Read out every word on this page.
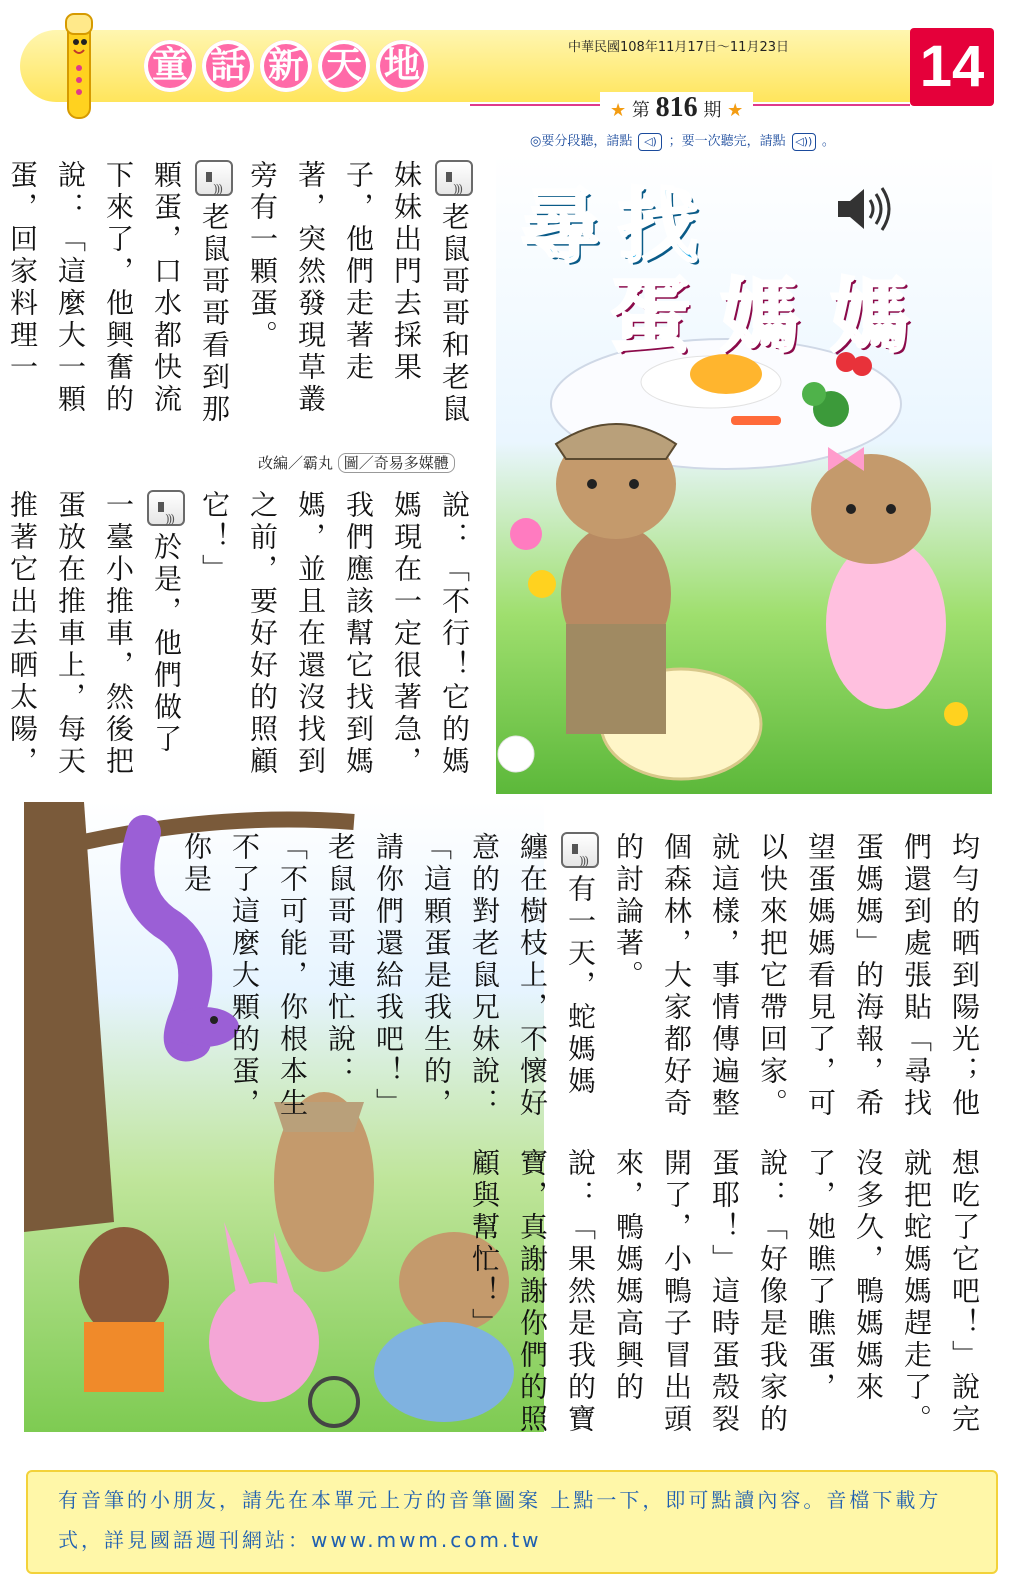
童 話 新 天 地	中華民國108年11月17日～11月23日
★ 第 816 期 ★
14
◎要分段聽，請點 ◁) ；要一次聽完，請點 ◁)) 。
尋找
蛋媽媽
)))老鼠哥哥和老鼠妹妹出門去採果子，他們走著走著，突然發現草叢旁有一顆蛋。
)))老鼠哥哥看到那顆蛋，口水都快流下來了，他興奮的說：「這麼大一顆蛋，回家料理一
改編／霸丸 圖／奇易多媒體
說：「不行！它的媽媽現在一定很著急，我們應該幫它找到媽媽，並且在還沒找到之前，要好好的照顧它！」
)))於是，他們做了一臺小推車，然後把蛋放在推車上，每天推著它出去晒太陽，
均勻的晒到陽光；他們還到處張貼「尋找蛋媽媽」的海報，希望蛋媽媽看見了，可以快來把它帶回家。就這樣，事情傳遍整個森林，大家都好奇的討論著。
)))有一天，蛇媽媽纏在樹枝上，不懷好意的對老鼠兄妹說：「這顆蛋是我生的，請你們還給我吧！」老鼠哥哥連忙說：「不可能，你根本生不了這麼大顆的蛋，你是
想吃了它吧！」說完就把蛇媽媽趕走了。沒多久，鴨媽媽來了，她瞧了瞧蛋，說：「好像是我家的蛋耶！」這時蛋殼裂開了，小鴨子冒出頭來，鴨媽媽高興的說：「果然是我的寶寶，真謝謝你們的照顧與幫忙！」
有音筆的小朋友，請先在本單元上方的音筆圖案 上點一下，即可點讀內容。音檔下載方式，詳見國語週刊網站：www.mwm.com.tw
